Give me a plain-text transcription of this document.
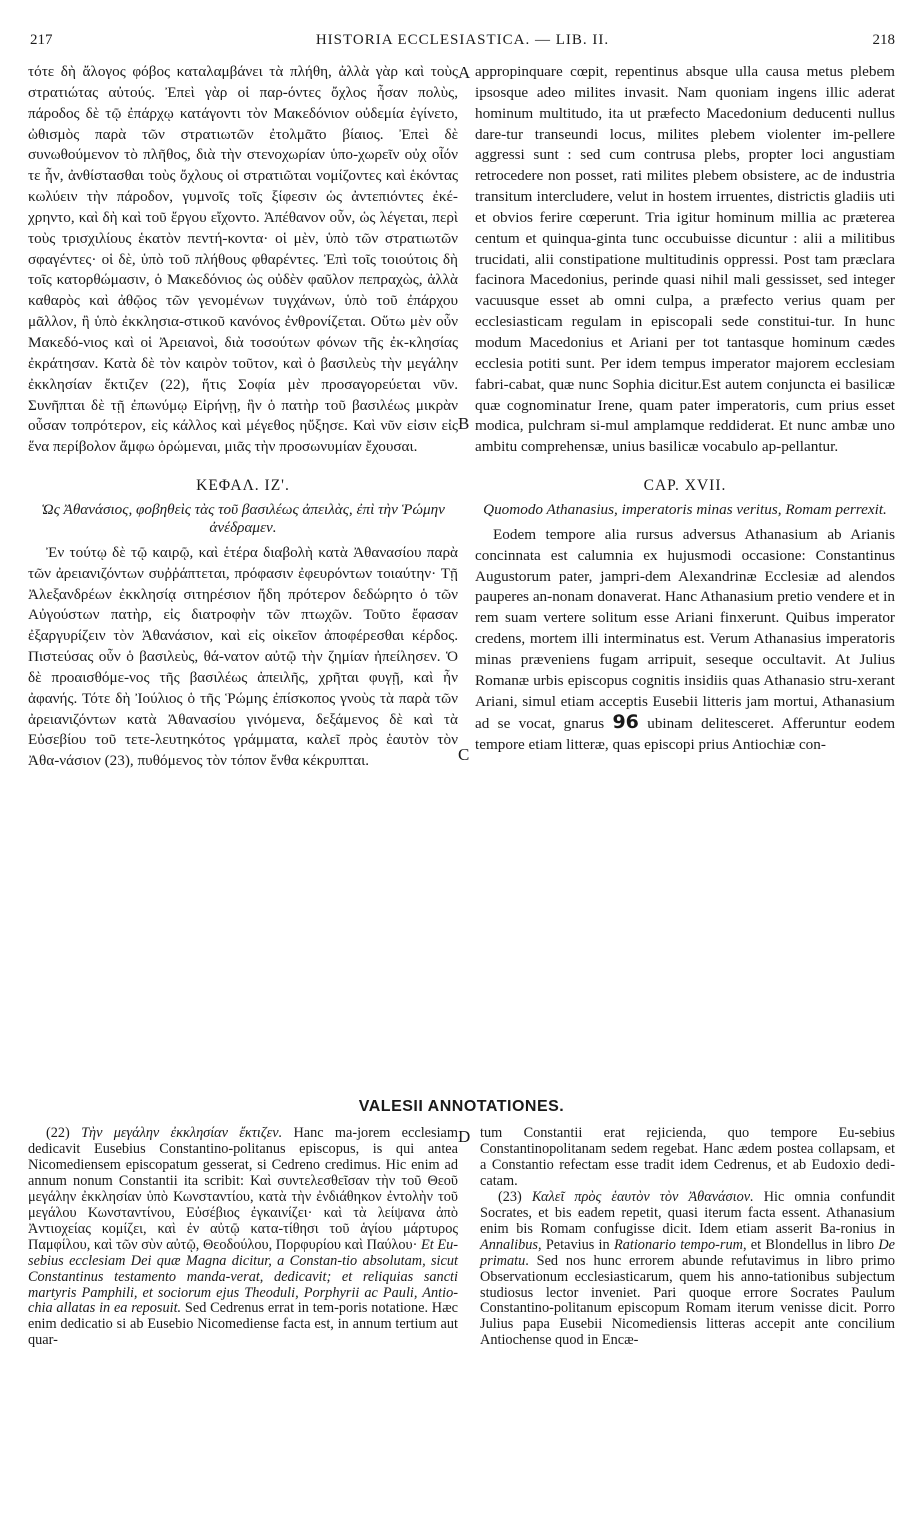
217	HISTORIA ECCLESIASTICA. — LIB. II.	218
A
B
C
D

τότε δὴ ἄλογος φόβος καταλαμβάνει τὰ πλήθη, ἀλλὰ γὰρ καὶ τοὺς στρατιώτας αὐτούς. Ἐπεὶ γὰρ οἱ παρ-όντες ὄχλος ἦσαν πολὺς, πάροδος δὲ τῷ ἐπάρχῳ κατάγοντι τὸν Μακεδόνιον οὐδεμία ἐγίνετο, ὠθισμὸς παρὰ τῶν στρατιωτῶν ἐτολμᾶτο βίαιος. Ἐπεὶ δὲ συνωθούμενον τὸ πλῆθος, διὰ τὴν στενοχωρίαν ὑπο-χωρεῖν οὐχ οἷόν τε ἦν, ἀνθίστασθαι τοὺς ὄχλους οἱ στρατιῶται νομίζοντες καὶ ἑκόντας κωλύειν τὴν πάροδον, γυμνοῖς τοῖς ξίφεσιν ὡς ἀντεπιόντες ἐκέ-χρηντο, καὶ δὴ καὶ τοῦ ἔργου εἴχοντο. Ἀπέθανον οὖν, ὡς λέγεται, περὶ τοὺς τρισχιλίους ἑκατὸν πεντή-κοντα· οἱ μὲν, ὑπὸ τῶν στρατιωτῶν σφαγέντες· οἱ δὲ, ὑπὸ τοῦ πλήθους φθαρέντες. Ἐπὶ τοῖς τοιούτοις δὴ τοῖς κατορθώμασιν, ὁ Μακεδόνιος ὡς οὐδὲν φαῦλον πεπραχὼς, ἀλλὰ καθαρὸς καὶ ἀθῷος τῶν γενομένων τυγχάνων, ὑπὸ τοῦ ἐπάρχου μᾶλλον, ἢ ὑπὸ ἐκκλησια-στικοῦ κανόνος ἐνθρονίζεται. Οὕτω μὲν οὖν Μακεδό-νιος καὶ οἱ Ἀρειανοὶ, διὰ τοσούτων φόνων τῆς ἐκ-κλησίας ἐκράτησαν. Κατὰ δὲ τὸν καιρὸν τοῦτον, καὶ ὁ βασιλεὺς τὴν μεγάλην ἐκκλησίαν ἔκτιζεν (22), ἥτις Σοφία μὲν προσαγορεύεται νῦν. Συνῆπται δὲ τῇ ἐπωνύμῳ Εἰρήνῃ, ἣν ὁ πατὴρ τοῦ βασιλέως μικρὰν οὖσαν τοπρότερον, εἰς κάλλος καὶ μέγεθος ηὔξησε. Καὶ νῦν εἰσιν εἰς ἕνα περίβολον ἄμφω ὁρώμεναι, μιᾶς τὴν προσωνυμίαν ἔχουσαι.

ΚΕΦΑΛ. ΙΖ'.
Ὡς Ἀθανάσιος, φοβηθεὶς τὰς τοῦ βασιλέως ἀπειλὰς, ἐπὶ τὴν Ῥώμην ἀνέδραμεν.

Ἐν τούτῳ δὲ τῷ καιρῷ, καὶ ἑτέρα διαβολὴ κατὰ Ἀθανασίου παρὰ τῶν ἀρειανιζόντων συῤῥάπτεται, πρόφασιν ἐφευρόντων τοιαύτην· Τῇ Ἀλεξανδρέων ἐκκλησίᾳ σιτηρέσιον ἤδη πρότερον δεδώρητο ὁ τῶν Αὐγούστων πατὴρ, εἰς διατροφὴν τῶν πτωχῶν. Τοῦτο ἔφασαν ἐξαργυρίζειν τὸν Ἀθανάσιον, καὶ εἰς οἰκεῖον ἀποφέρεσθαι κέρδος. Πιστεύσας οὖν ὁ βασιλεὺς, θά-νατον αὐτῷ τὴν ζημίαν ἠπείλησεν. Ὁ δὲ προαισθόμε-νος τῆς βασιλέως ἀπειλῆς, χρῆται φυγῇ, καὶ ἦν ἀφανής. Τότε δὴ Ἰούλιος ὁ τῆς Ῥώμης ἐπίσκοπος γνοὺς τὰ παρὰ τῶν ἀρειανιζόντων κατὰ Ἀθανασίου γινόμενα, δεξάμενος δὲ καὶ τὰ Εὐσεβίου τοῦ τετε-λευτηκότος γράμματα, καλεῖ πρὸς ἑαυτὸν τὸν Ἀθα-νάσιον (23), πυθόμενος τὸν τόπον ἔνθα κέκρυπται.

appropinquare cœpit, repentinus absque ulla causa metus plebem ipsosque adeo milites invasit. Nam quoniam ingens illic aderat hominum multitudo, ita ut præfecto Macedonium deducenti nullus dare-tur transeundi locus, milites plebem violenter im-pellere aggressi sunt : sed cum contrusa plebs, propter loci angustiam retrocedere non posset, rati milites plebem obsistere, ac de industria transitum intercludere, velut in hostem irruentes, districtis gladiis uti et obvios ferire cœperunt. Tria igitur hominum millia ac præterea centum et quinqua-ginta tunc occubuisse dicuntur : alii a militibus trucidati, alii constipatione multitudinis oppressi. Post tam præclara facinora Macedonius, perinde quasi nihil mali gessisset, sed integer vacuusque esset ab omni culpa, a præfecto verius quam per ecclesiasticam regulam in episcopali sede constitui-tur. In hunc modum Macedonius et Ariani per tot tantasque hominum cædes ecclesia potiti sunt. Per idem tempus imperator majorem ecclesiam fabri-cabat, quæ nunc Sophia dicitur.Est autem conjuncta ei basilicæ quæ cognominatur Irene, quam pater imperatoris, cum prius esset modica, pulchram si-mul amplamque reddiderat. Et nunc ambæ uno ambitu comprehensæ, unius basilicæ vocabulo ap-pellantur.

CAP. XVII.
Quomodo Athanasius, imperatoris minas veritus, Romam perrexit.

Eodem tempore alia rursus adversus Athanasium ab Arianis concinnata est calumnia ex hujusmodi occasione: Constantinus Augustorum pater, jampri-dem Alexandrinæ Ecclesiæ ad alendos pauperes an-nonam donaverat. Hanc Athanasium pretio vendere et in rem suam vertere solitum esse Ariani finxerunt. Quibus imperator credens, mortem illi interminatus est. Verum Athanasius imperatoris minas præveniens fugam arripuit, seseque occultavit. At Julius Romanæ urbis episcopus cognitis insidiis quas Athanasio stru-xerant Ariani, simul etiam acceptis Eusebii litteris jam mortui, Athanasium ad se vocat, gnarus 96 ubinam delitesceret. Afferuntur eodem tempore etiam litteræ, quas episcopi prius Antiochiæ con-

VALESII ANNOTATIONES.

(22) Τὴν μεγάλην ἐκκλησίαν ἔκτιζεν. Hanc ma-jorem ecclesiam dedicavit Eusebius Constantino-politanus episcopus, is qui antea Nicomediensem episcopatum gesserat, si Cedreno credimus. Hic enim ad annum nonum Constantii ita scribit: Καὶ συντελεσθεῖσαν τὴν τοῦ Θεοῦ μεγάλην ἐκκλησίαν ὑπὸ Κωνσταντίου, κατὰ τὴν ἐνδιάθηκον ἐντολὴν τοῦ μεγάλου Κωνσταντίνου, Εὐσέβιος ἐγκαινίζει· καὶ τὰ λείψανα ἀπὸ Ἀντιοχείας κομίζει, καὶ ἐν αὐτῷ κατα-τίθησι τοῦ ἁγίου μάρτυρος Παμφίλου, καὶ τῶν σὺν αὐτῷ, Θεοδούλου, Πορφυρίου καὶ Παύλου· Et Eu-sebius ecclesiam Dei quæ Magna dicitur, a Constan-tio absolutam, sicut Constantinus testamento manda-verat, dedicavit; et reliquias sancti martyris Pamphili, et sociorum ejus Theoduli, Porphyrii ac Pauli, Antio-chia allatas in ea reposuit. Sed Cedrenus errat in tem-poris notatione. Hæc enim dedicatio si ab Eusebio Nicomediense facta est, in annum tertium aut quar-

tum Constantii erat rejicienda, quo tempore Eu-sebius Constantinopolitanam sedem regebat. Hanc ædem postea collapsam, et a Constantio refectam esse tradit idem Cedrenus, et ab Eudoxio dedi-catam.

(23) Καλεῖ πρὸς ἑαυτὸν τὸν Ἀθανάσιον. Hic omnia confundit Socrates, et bis eadem repetit, quasi iterum facta essent. Athanasium enim bis Romam confugisse dicit. Idem etiam asserit Ba-ronius in Annalibus, Petavius in Rationario tempo-rum, et Blondellus in libro De primatu. Sed nos hunc errorem abunde refutavimus in libro primo Observationum ecclesiasticarum, quem his anno-tationibus subjectum studiosus lector inveniet. Pari quoque errore Socrates Paulum Constantino-politanum episcopum Romam iterum venisse dicit. Porro Julius papa Eusebii Nicomediensis litteras accepit ante concilium Antiochense quod in Encæ-
